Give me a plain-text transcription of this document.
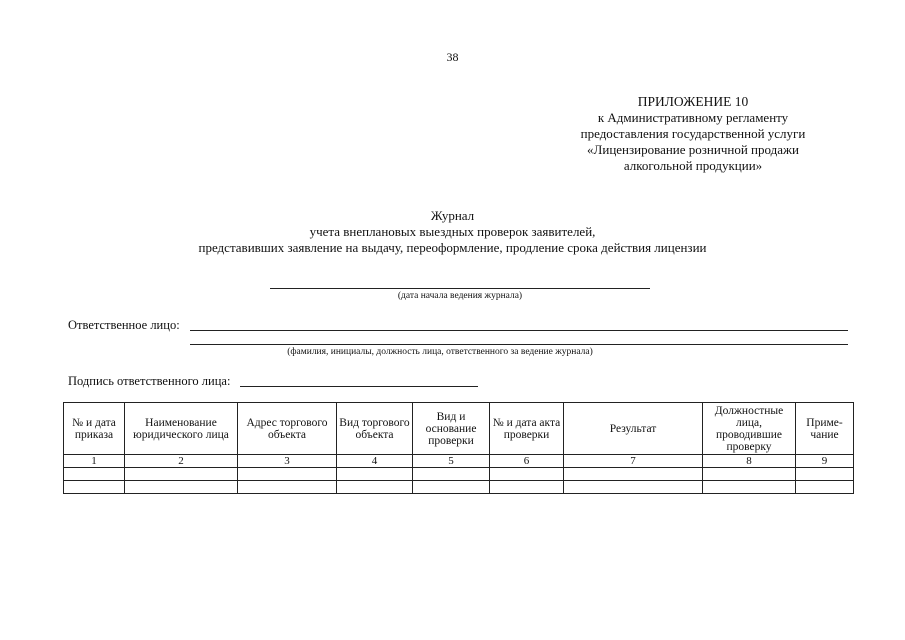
38
ПРИЛОЖЕНИЕ 10
к Административному регламенту
предоставления государственной услуги
«Лицензирование розничной продажи
алкогольной продукции»
Журнал
учета внеплановых выездных проверок заявителей,
представивших заявление на выдачу, переоформление, продление срока действия лицензии
(дата начала ведения журнала)
Ответственное лицо:
(фамилия, инициалы, должность лица, ответственного за ведение журнала)
Подпись ответственного лица:
№ и дата приказа	Наименование юридического лица	Адрес торгового объекта	Вид торгового объекта	Вид и основание проверки	№ и дата акта проверки	Результат	Должностные лица, проводившие проверку	Приме-чание
1	2	3	4	5	6	7	8	9
